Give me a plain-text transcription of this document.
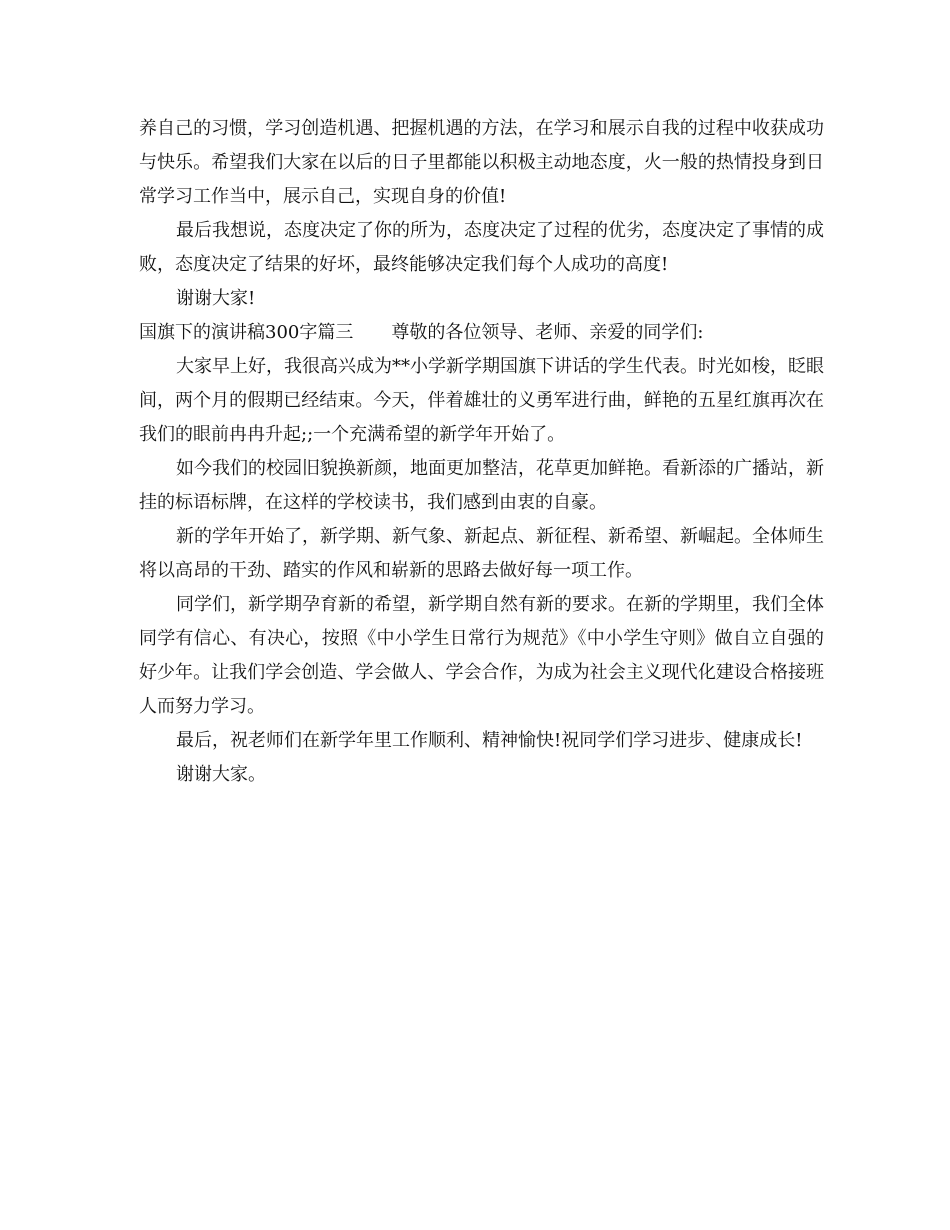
养自己的习惯，学习创造机遇、把握机遇的方法，在学习和展示自我的过程中收获成功与快乐。希望我们大家在以后的日子里都能以积极主动地态度，火一般的热情投身到日常学习工作当中，展示自己，实现自身的价值!

最后我想说，态度决定了你的所为，态度决定了过程的优劣，态度决定了事情的成败，态度决定了结果的好坏，最终能够决定我们每个人成功的高度!

谢谢大家!

国旗下的演讲稿300字篇三 尊敬的各位领导、老师、亲爱的同学们:

大家早上好，我很高兴成为**小学新学期国旗下讲话的学生代表。时光如梭，眨眼间，两个月的假期已经结束。今天，伴着雄壮的义勇军进行曲，鲜艳的五星红旗再次在我们的眼前冉冉升起;;一个充满希望的新学年开始了。

如今我们的校园旧貌换新颜，地面更加整洁，花草更加鲜艳。看新添的广播站，新挂的标语标牌，在这样的学校读书，我们感到由衷的自豪。

新的学年开始了，新学期、新气象、新起点、新征程、新希望、新崛起。全体师生将以高昂的干劲、踏实的作风和崭新的思路去做好每一项工作。

同学们，新学期孕育新的希望，新学期自然有新的要求。在新的学期里，我们全体同学有信心、有决心，按照《中小学生日常行为规范》《中小学生守则》做自立自强的好少年。让我们学会创造、学会做人、学会合作，为成为社会主义现代化建设合格接班人而努力学习。

最后，祝老师们在新学年里工作顺利、精神愉快!祝同学们学习进步、健康成长!

谢谢大家。
